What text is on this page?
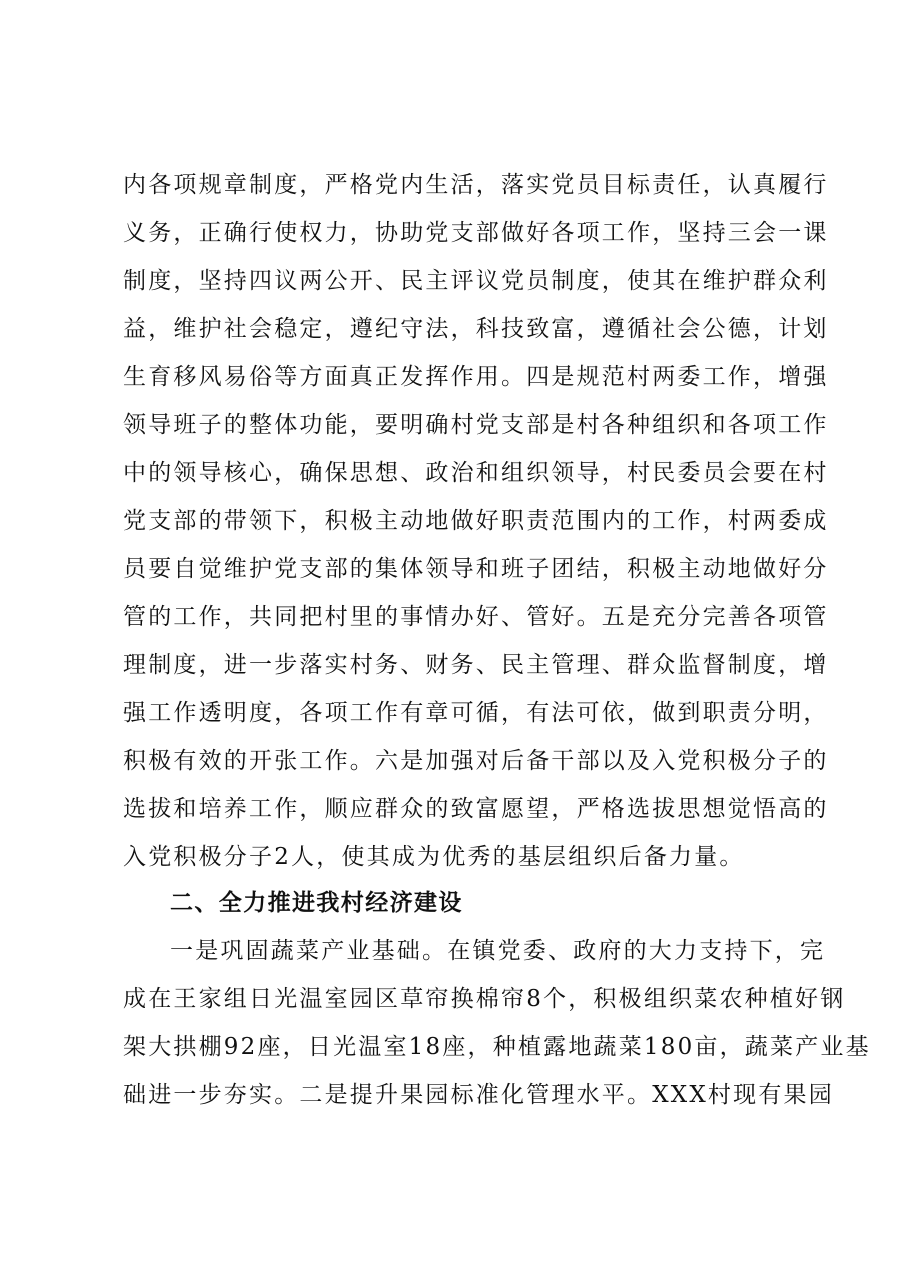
内各项规章制度，严格党内生活，落实党员目标责任，认真履行
义务，正确行使权力，协助党支部做好各项工作，坚持三会一课
制度，坚持四议两公开、民主评议党员制度，使其在维护群众利
益，维护社会稳定，遵纪守法，科技致富，遵循社会公德，计划
生育移风易俗等方面真正发挥作用。四是规范村两委工作，增强
领导班子的整体功能，要明确村党支部是村各种组织和各项工作
中的领导核心，确保思想、政治和组织领导，村民委员会要在村
党支部的带领下，积极主动地做好职责范围内的工作，村两委成
员要自觉维护党支部的集体领导和班子团结，积极主动地做好分
管的工作，共同把村里的事情办好、管好。五是充分完善各项管
理制度，进一步落实村务、财务、民主管理、群众监督制度，增
强工作透明度，各项工作有章可循，有法可依，做到职责分明，
积极有效的开张工作。六是加强对后备干部以及入党积极分子的
选拔和培养工作，顺应群众的致富愿望，严格选拔思想觉悟高的
入党积极分子2人，使其成为优秀的基层组织后备力量。
二、全力推进我村经济建设
一是巩固蔬菜产业基础。在镇党委、政府的大力支持下，完
成在王家组日光温室园区草帘换棉帘8个，积极组织菜农种植好钢
架大拱棚92座，日光温室18座，种植露地蔬菜180亩，蔬菜产业基
础进一步夯实。二是提升果园标准化管理水平。XXX村现有果园
